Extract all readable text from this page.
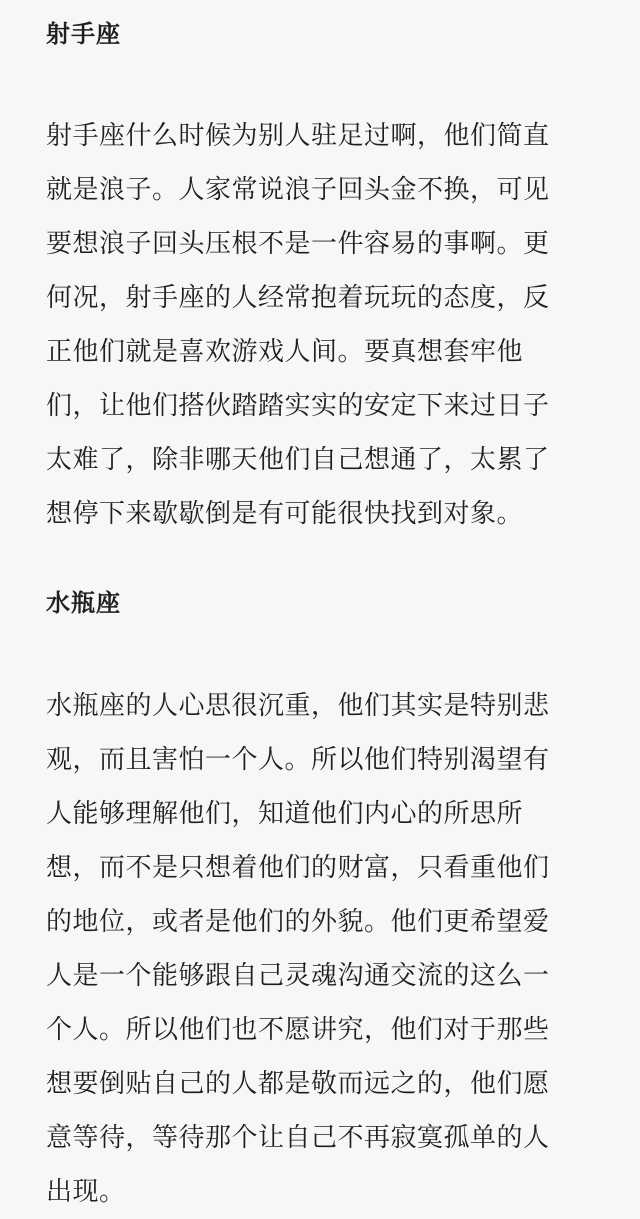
射手座
射手座什么时候为别人驻足过啊，他们简直
就是浪子。人家常说浪子回头金不换，可见
要想浪子回头压根不是一件容易的事啊。更
何况，射手座的人经常抱着玩玩的态度，反
正他们就是喜欢游戏人间。要真想套牢他
们，让他们搭伙踏踏实实的安定下来过日子
太难了，除非哪天他们自己想通了，太累了
想停下来歇歇倒是有可能很快找到对象。
水瓶座
水瓶座的人心思很沉重，他们其实是特别悲
观，而且害怕一个人。所以他们特别渴望有
人能够理解他们，知道他们内心的所思所
想，而不是只想着他们的财富，只看重他们
的地位，或者是他们的外貌。他们更希望爱
人是一个能够跟自己灵魂沟通交流的这么一
个人。所以他们也不愿讲究，他们对于那些
想要倒贴自己的人都是敬而远之的，他们愿
意等待，等待那个让自己不再寂寞孤单的人
出现。
